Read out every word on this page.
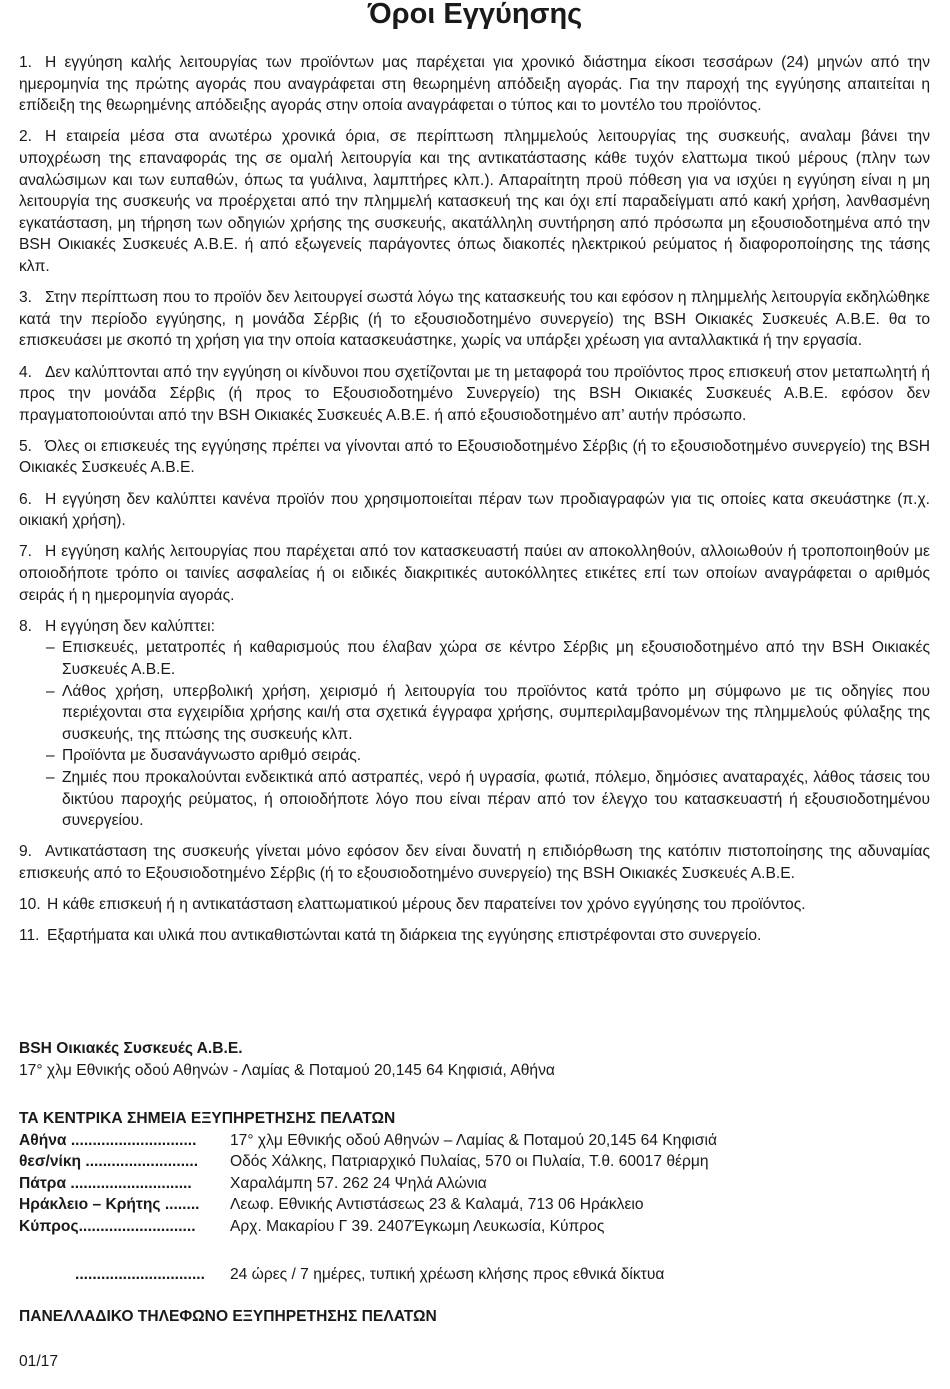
Όροι Εγγύησης
1. Η εγγύηση καλής λειτουργίας των προϊόντων μας παρέχεται για χρονικό διάστημα είκοσι τεσσάρων (24) μηνών από την ημερομηνία της πρώτης αγοράς που αναγράφεται στη θεωρημένη απόδειξη αγοράς. Για την παροχή της εγγύησης απαιτείται η επίδειξη της θεωρημένης απόδειξης αγοράς στην οποία αναγράφεται ο τύπος και το μοντέλο του προϊόντος.
2. Η εταιρεία μέσα στα ανωτέρω χρονικά όρια, σε περίπτωση πλημμελούς λειτουργίας της συσκευής, αναλαμ βάνει την υποχρέωση της επαναφοράς της σε ομαλή λειτουργία και της αντικατάστασης κάθε τυχόν ελαττωμα τικού μέρους (πλην των αναλώσιμων και των ευπαθών, όπως τα γυάλινα, λαμπτήρες κλπ.). Απαραίτητη προϋ πόθεση για να ισχύει η εγγύηση είναι η μη λειτουργία της συσκευής να προέρχεται από την πλημμελή κατασκευή της και όχι επί παραδείγματι από κακή χρήση, λανθασμένη εγκατάσταση, μη τήρηση των οδηγιών χρήσης της συσκευής, ακατάλληλη συντήρηση από πρόσωπα μη εξουσιοδοτημένα από την BSH Οικιακές Συσκευές Α.Β.Ε. ή από εξωγενείς παράγοντες όπως διακοπές ηλεκτρικού ρεύματος ή διαφοροποίησης της τάσης κλπ.
3. Στην περίπτωση που το προϊόν δεν λειτουργεί σωστά λόγω της κατασκευής του και εφόσον η πλημμελής λειτουργία εκδηλώθηκε κατά την περίοδο εγγύησης, η μονάδα Σέρβις (ή το εξουσιοδοτημένο συνεργείο) της BSH Οικιακές Συσκευές Α.Β.Ε. θα το επισκευάσει με σκοπό τη χρήση για την οποία κατασκευάστηκε, χωρίς να υπάρξει χρέωση για ανταλλακτικά ή την εργασία.
4. Δεν καλύπτονται από την εγγύηση οι κίνδυνοι που σχετίζονται με τη μεταφορά του προϊόντος προς επισκευή στον μεταπωλητή ή προς την μονάδα Σέρβις (ή προς το Εξουσιοδοτημένο Συνεργείο) της BSH Οικιακές Συσκευές Α.Β.Ε. εφόσον δεν πραγματοποιούνται από την BSH Οικιακές Συσκευές Α.Β.Ε. ή από εξουσιοδοτημένο απ’ αυτήν πρόσωπο.
5. Όλες οι επισκευές της εγγύησης πρέπει να γίνονται από το Εξουσιοδοτημένο Σέρβις (ή το εξουσιοδοτημένο συνεργείο) της BSH Οικιακές Συσκευές Α.Β.Ε.
6. Η εγγύηση δεν καλύπτει κανένα προϊόν που χρησιμοποιείται πέραν των προδιαγραφών για τις οποίες κατα σκευάστηκε (π.χ. οικιακή χρήση).
7. Η εγγύηση καλής λειτουργίας που παρέχεται από τον κατασκευαστή παύει αν αποκολληθούν, αλλοιωθούν ή τροποποιηθούν με οποιοδήποτε τρόπο οι ταινίες ασφαλείας ή οι ειδικές διακριτικές αυτοκόλλητες ετικέτες επί των οποίων αναγράφεται ο αριθμός σειράς ή η ημερομηνία αγοράς.
8. Η εγγύηση δεν καλύπτει:
– Επισκευές, μετατροπές ή καθαρισμούς που έλαβαν χώρα σε κέντρο Σέρβις μη εξουσιοδοτημένο από την BSH Οικιακές Συσκευές Α.Β.Ε.
– Λάθος χρήση, υπερβολική χρήση, χειρισμό ή λειτουργία του προϊόντος κατά τρόπο μη σύμφωνο με τις οδηγίες που περιέχονται στα εγχειρίδια χρήσης και/ή στα σχετικά έγγραφα χρήσης, συμπεριλαμβανομένων της πλημμελούς φύλαξης της συσκευής, της πτώσης της συσκευής κλπ.
– Προϊόντα με δυσανάγνωστο αριθμό σειράς.
– Ζημιές που προκαλούνται ενδεικτικά από αστραπές, νερό ή υγρασία, φωτιά, πόλεμο, δημόσιες αναταραχές, λάθος τάσεις του δικτύου παροχής ρεύματος, ή οποιοδήποτε λόγο που είναι πέραν από τον έλεγχο του κατασκευαστή ή εξουσιοδοτημένου συνεργείου.
9. Αντικατάσταση της συσκευής γίνεται μόνο εφόσον δεν είναι δυνατή η επιδιόρθωση της κατόπιν πιστοποίησης της αδυναμίας επισκευής από το Εξουσιοδοτημένο Σέρβις (ή το εξουσιοδοτημένο συνεργείο) της BSH Οικιακές Συσκευές Α.Β.Ε.
10. Η κάθε επισκευή ή η αντικατάσταση ελαττωματικού μέρους δεν παρατείνει τον χρόνο εγγύησης του προϊόντος.
11. Εξαρτήματα και υλικά που αντικαθιστώνται κατά τη διάρκεια της εγγύησης επιστρέφονται στο συνεργείο.
BSH Οικιακές Συσκευές Α.Β.Ε.
17° χλμ Εθνικής οδού Αθηνών - Λαμίας & Ποταμού 20,145 64 Κηφισιά, Αθήνα
ΤΑ ΚΕΝΤΡΙΚΑ ΣΗΜΕΙΑ ΕΞΥΠΗΡΕΤΗΣΗΣ ΠΕΛΑΤΩΝ
Αθήνα .............................	17° χλμ Εθνικής οδού Αθηνών – Λαμίας & Ποταμού 20,145 64 Κηφισιά
θεσ/νίκη ..........................	Οδός Χάλκης, Πατριαρχικό Πυλαίας, 570 οι Πυλαία, Τ.θ. 60017 θέρμη
Πάτρα ............................	Χαραλάμπη 57. 262 24 Ψηλά Αλώνια
Ηράκλειο – Κρήτης ........	Λεωφ. Εθνικής Αντιστάσεως 23 & Καλαμά, 713 06 Ηράκλειο
Κύπρος...........................	Αρχ. Μακαρίου Γ 39. 2407Έγκωμη Λευκωσία, Κύπρος
..............................	24 ώρες / 7 ημέρες, τυπική χρέωση κλήσης προς εθνικά δίκτυα
ΠΑΝΕΛΛΑΔΙΚΟ ΤΗΛΕΦΩΝΟ ΕΞΥΠΗΡΕΤΗΣΗΣ ΠΕΛΑΤΩΝ
01/17
